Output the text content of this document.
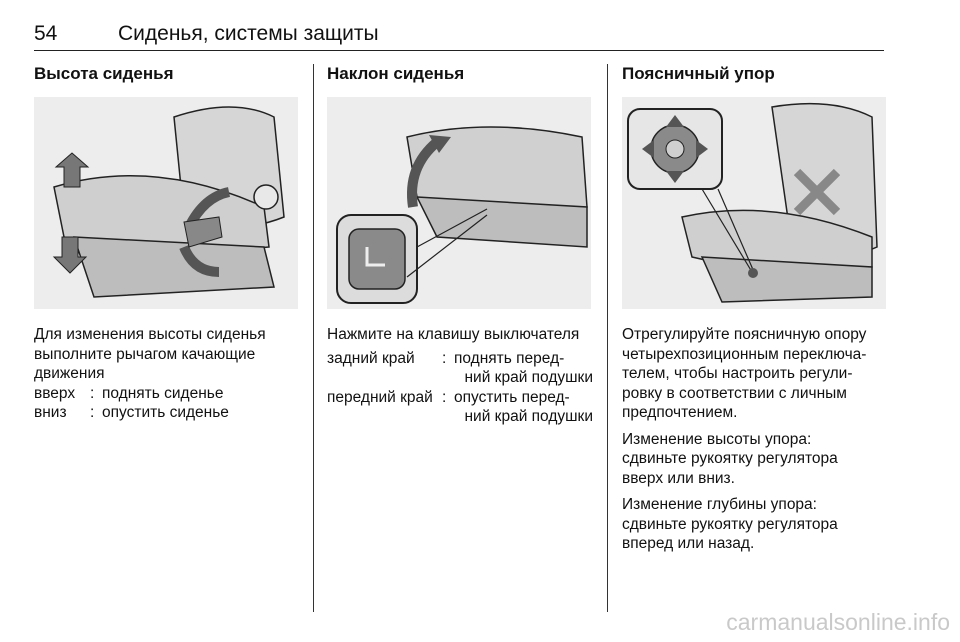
54	Сиденья, системы защиты
Высота сиденья
Для изменения высоты сиденья
выполните рычагом качающие
движения
вверх : поднять сиденье
вниз	: опустить сиденье
Наклон сиденья
Нажмите на клавишу выключателя
задний край	: поднять перед-
ний край подушки
передний край : опустить перед-
ний край подушки
Поясничный упор
Отрегулируйте поясничную опору
четырехпозиционным переключа-
телем, чтобы настроить регули-
ровку в соответствии с личным
предпочтением.
Изменение высоты упора:
сдвиньте рукоятку регулятора
вверх или вниз.
Изменение глубины упора:
сдвиньте рукоятку регулятора
вперед или назад.
carmanualsonline.info
